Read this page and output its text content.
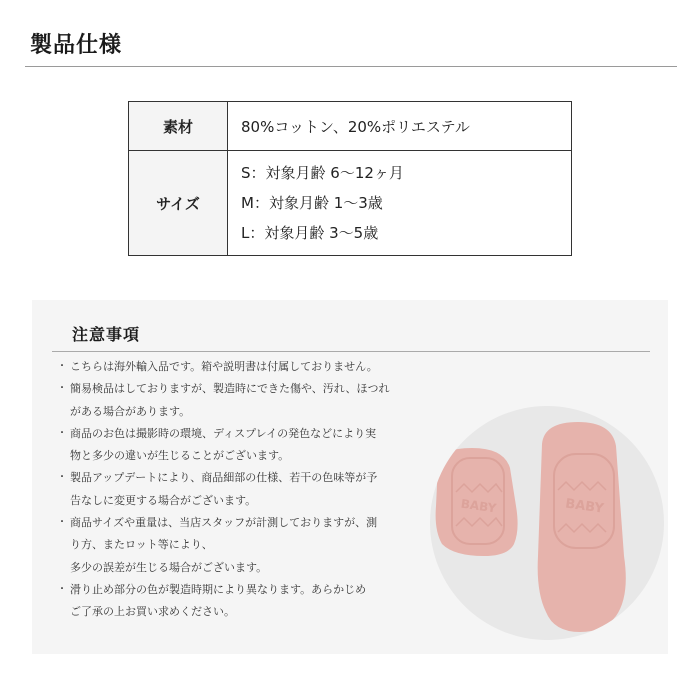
製品仕様
素材	80%コットン、20%ポリエステル
サイズ	S：対象月齢 6〜12ヶ月
M：対象月齢 1〜3歳
L：対象月齢 3〜5歳
注意事項
・ こちらは海外輸入品です。箱や説明書は付属しておりません。
・ 簡易検品はしておりますが、製造時にできた傷や、汚れ、ほつれ
がある場合があります。
・ 商品のお色は撮影時の環境、ディスプレイの発色などにより実
物と多少の違いが生じることがございます。
・ 製品アップデートにより、商品細部の仕様、若干の色味等が予
告なしに変更する場合がございます。
・ 商品サイズや重量は、当店スタッフが計測しておりますが、測
り方、またロット等により、
多少の誤差が生じる場合がございます。
・ 滑り止め部分の色が製造時期により異なります。あらかじめ
ご了承の上お買い求めください。
BABY	BABY
